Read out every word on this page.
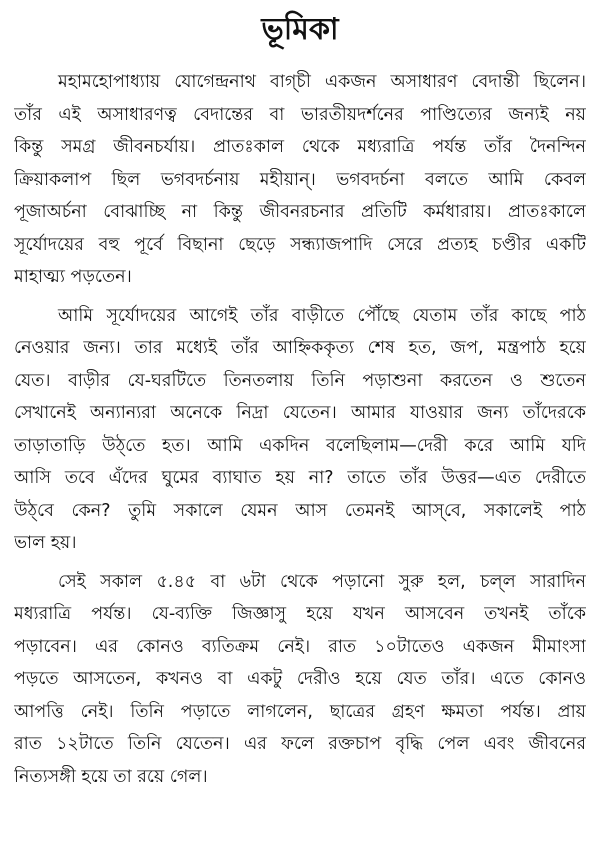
ভূমিকা
মহামহোপাধ্যায় যোগেন্দ্রনাথ বাগ্‌চী একজন অসাধারণ বেদান্তী ছিলেন।
তাঁর এই অসাধারণত্ব বেদান্তের বা ভারতীয়দর্শনের পাণ্ডিত্যের জন্যই নয়
কিন্তু সমগ্র জীবনচর্যায়। প্রাতঃকাল থেকে মধ্যরাত্রি পর্যন্ত তাঁর দৈনন্দিন
ক্রিয়াকলাপ ছিল ভগবদর্চনায় মহীয়ান্। ভগবদর্চনা বলতে আমি কেবল
পূজাঅর্চনা বোঝাচ্ছি না কিন্তু জীবনরচনার প্রতিটি কর্মধারায়। প্রাতঃকালে
সূর্যোদয়ের বহু পূর্বে বিছানা ছেড়ে সন্ধ্যাজপাদি সেরে প্রত্যহ চণ্ডীর একটি
মাহাত্ম্য পড়তেন।
আমি সূর্যোদয়ের আগেই তাঁর বাড়ীতে পৌঁছে যেতাম তাঁর কাছে পাঠ
নেওয়ার জন্য। তার মধ্যেই তাঁর আহ্নিককৃত্য শেষ হত, জপ, মন্ত্রপাঠ হয়ে
যেত। বাড়ীর যে-ঘরটিতে তিনতলায় তিনি পড়াশুনা করতেন ও শুতেন
সেখানেই অন্যান্যরা অনেকে নিদ্রা যেতেন। আমার যাওয়ার জন্য তাঁদেরকে
তাড়াতাড়ি উঠ্‌তে হত। আমি একদিন বলেছিলাম—দেরী করে আমি যদি
আসি তবে এঁদের ঘুমের ব্যাঘাত হয় না? তাতে তাঁর উত্তর—এত দেরীতে
উঠ্‌বে কেন? তুমি সকালে যেমন আস তেমনই আস্‌বে, সকালেই পাঠ
ভাল হয়।
সেই সকাল ৫.৪৫ বা ৬টা থেকে পড়ানো সুরু হল, চল্‌ল সারাদিন
মধ্যরাত্রি পর্যন্ত। যে-ব্যক্তি জিজ্ঞাসু হয়ে যখন আসবেন তখনই তাঁকে
পড়াবেন। এর কোনও ব্যতিক্রম নেই। রাত ১০টাতেও একজন মীমাংসা
পড়তে আসতেন, কখনও বা একটু দেরীও হয়ে যেত তাঁর। এতে কোনও
আপত্তি নেই। তিনি পড়াতে লাগলেন, ছাত্রের গ্রহণ ক্ষমতা পর্যন্ত। প্রায়
রাত ১২টাতে তিনি যেতেন। এর ফলে রক্তচাপ বৃদ্ধি পেল এবং জীবনের
নিত্যসঙ্গী হয়ে তা রয়ে গেল।
